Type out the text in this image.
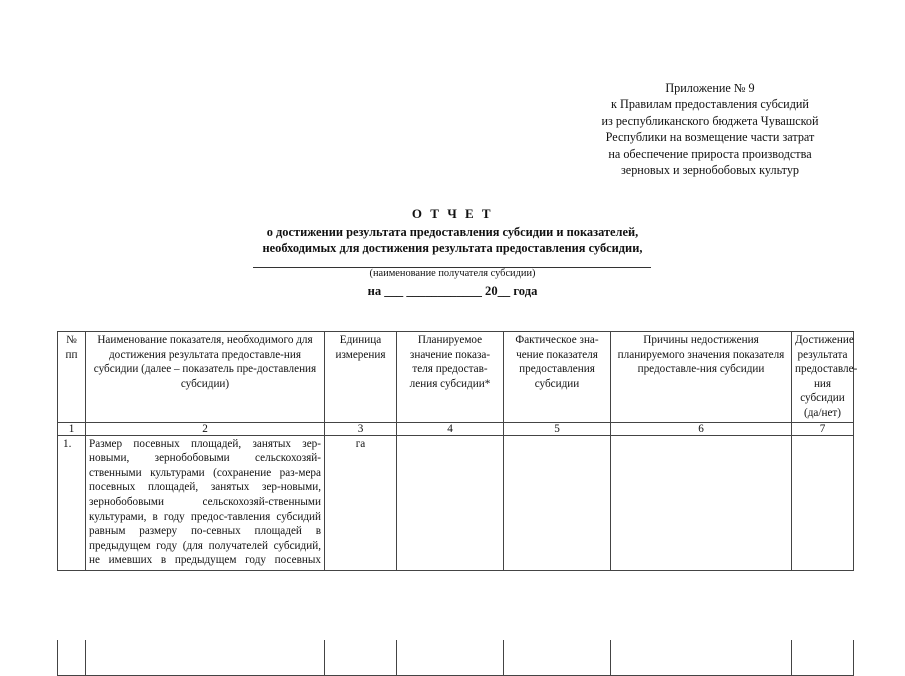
Приложение № 9
к Правилам предоставления субсидий
из республиканского бюджета Чувашской
Республики на возмещение части затрат
на обеспечение прироста производства
зерновых и зернобобовых культур
О Т Ч Е Т
о достижении результата предоставления субсидии и показателей,
необходимых для достижения результата предоставления субсидии,
(наименование получателя субсидии)
на ___ ____________ 20__ года
№ пп	Наименование показателя, необходимого для достижения результата предоставле-ния субсидии (далее – показатель пре-доставления субсидии)	Единица измерения	Планируемое значение показа-теля предостав-ления субсидии*	Фактическое зна-чение показателя предоставления субсидии	Причины недостижения планируемого значения показателя предоставле-ния субсидии	Достижение результата предоставле-ния субсидии (да/нет)
1	2	3	4	5	6	7
1.	Размер посевных площадей, занятых зер-новыми, зернобобовыми сельскохозяй-ственными культурами (сохранение раз-мера посевных площадей, занятых зер-новыми, зернобобовыми сельскохозяй-ственными культурами, в году предос-тавления субсидий равным размеру по-севных площадей в предыдущем году (для получателей субсидий, не имевших в предыдущем году посевных	га				
